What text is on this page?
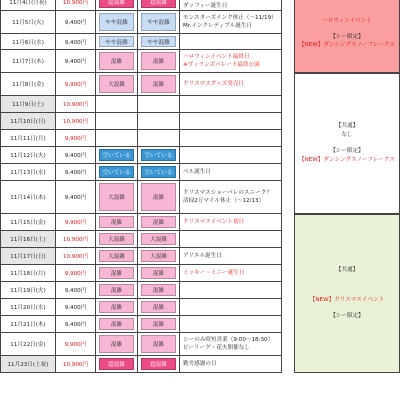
11月4日(月祝)	10,900円	超混雑	超混雑	ダッフィー誕生日
11月5日(火)	9,400円	やや混雑	やや混雑
モンスターズインク休止（～11/19）
Mr.インクレディブル誕生日
11月6日(水)	9,400円	やや混雑	やや混雑
11月7日(木)	9,400円	混雑	混雑
ハロウィンイベント最終日
※ヴィランズパレード最終公演
11月8日(金)	9,900円	大混雑	混雑	クリスマスグッズ発売日
11月9日(土)	10,900円
11月10日(日)	10,900円
11月11日(月)	9,900円
11月12日(火)	9,400円	空いている	空いている
11月13日(水)	9,400円	空いている	空いている	ベル誕生日
11月14日(木)	9,400円	大混雑	混雑
クリスマスショーパレのスニーク？
清掃2万マイル休止（～12/13）
11月15日(金)	9,900円	混雑	混雑	クリスマスイベント初日
11月16日(土)	10,900円	大混雑	大混雑
11月17日(日)	10,900円	大混雑	大混雑	アリエル誕生日
11月18日(月)	9,900円	混雑	混雑	ミッキー・ミニー誕生日
11月19日(火)	9,400円	混雑	混雑
11月20日(水)	9,400円	混雑	混雑
11月21日(木)	9,400円	混雑	混雑
11月22日(金)	9,900円	混雑	混雑
シーのみ時短営業（9:00～18:30）ピーリーグ・花火開催なし
11月23日(土祝)	10,900円	超混雑	超混雑	勤労感謝の日
ハロウィンイベント
【シー限定】
【NEW】ダンシングスノーフレークス
【共通】
なし
【シー限定】
【NEW】ダンシングスノーフレークス
【共通】
【NEW】クリスマスイベント
【シー限定】
